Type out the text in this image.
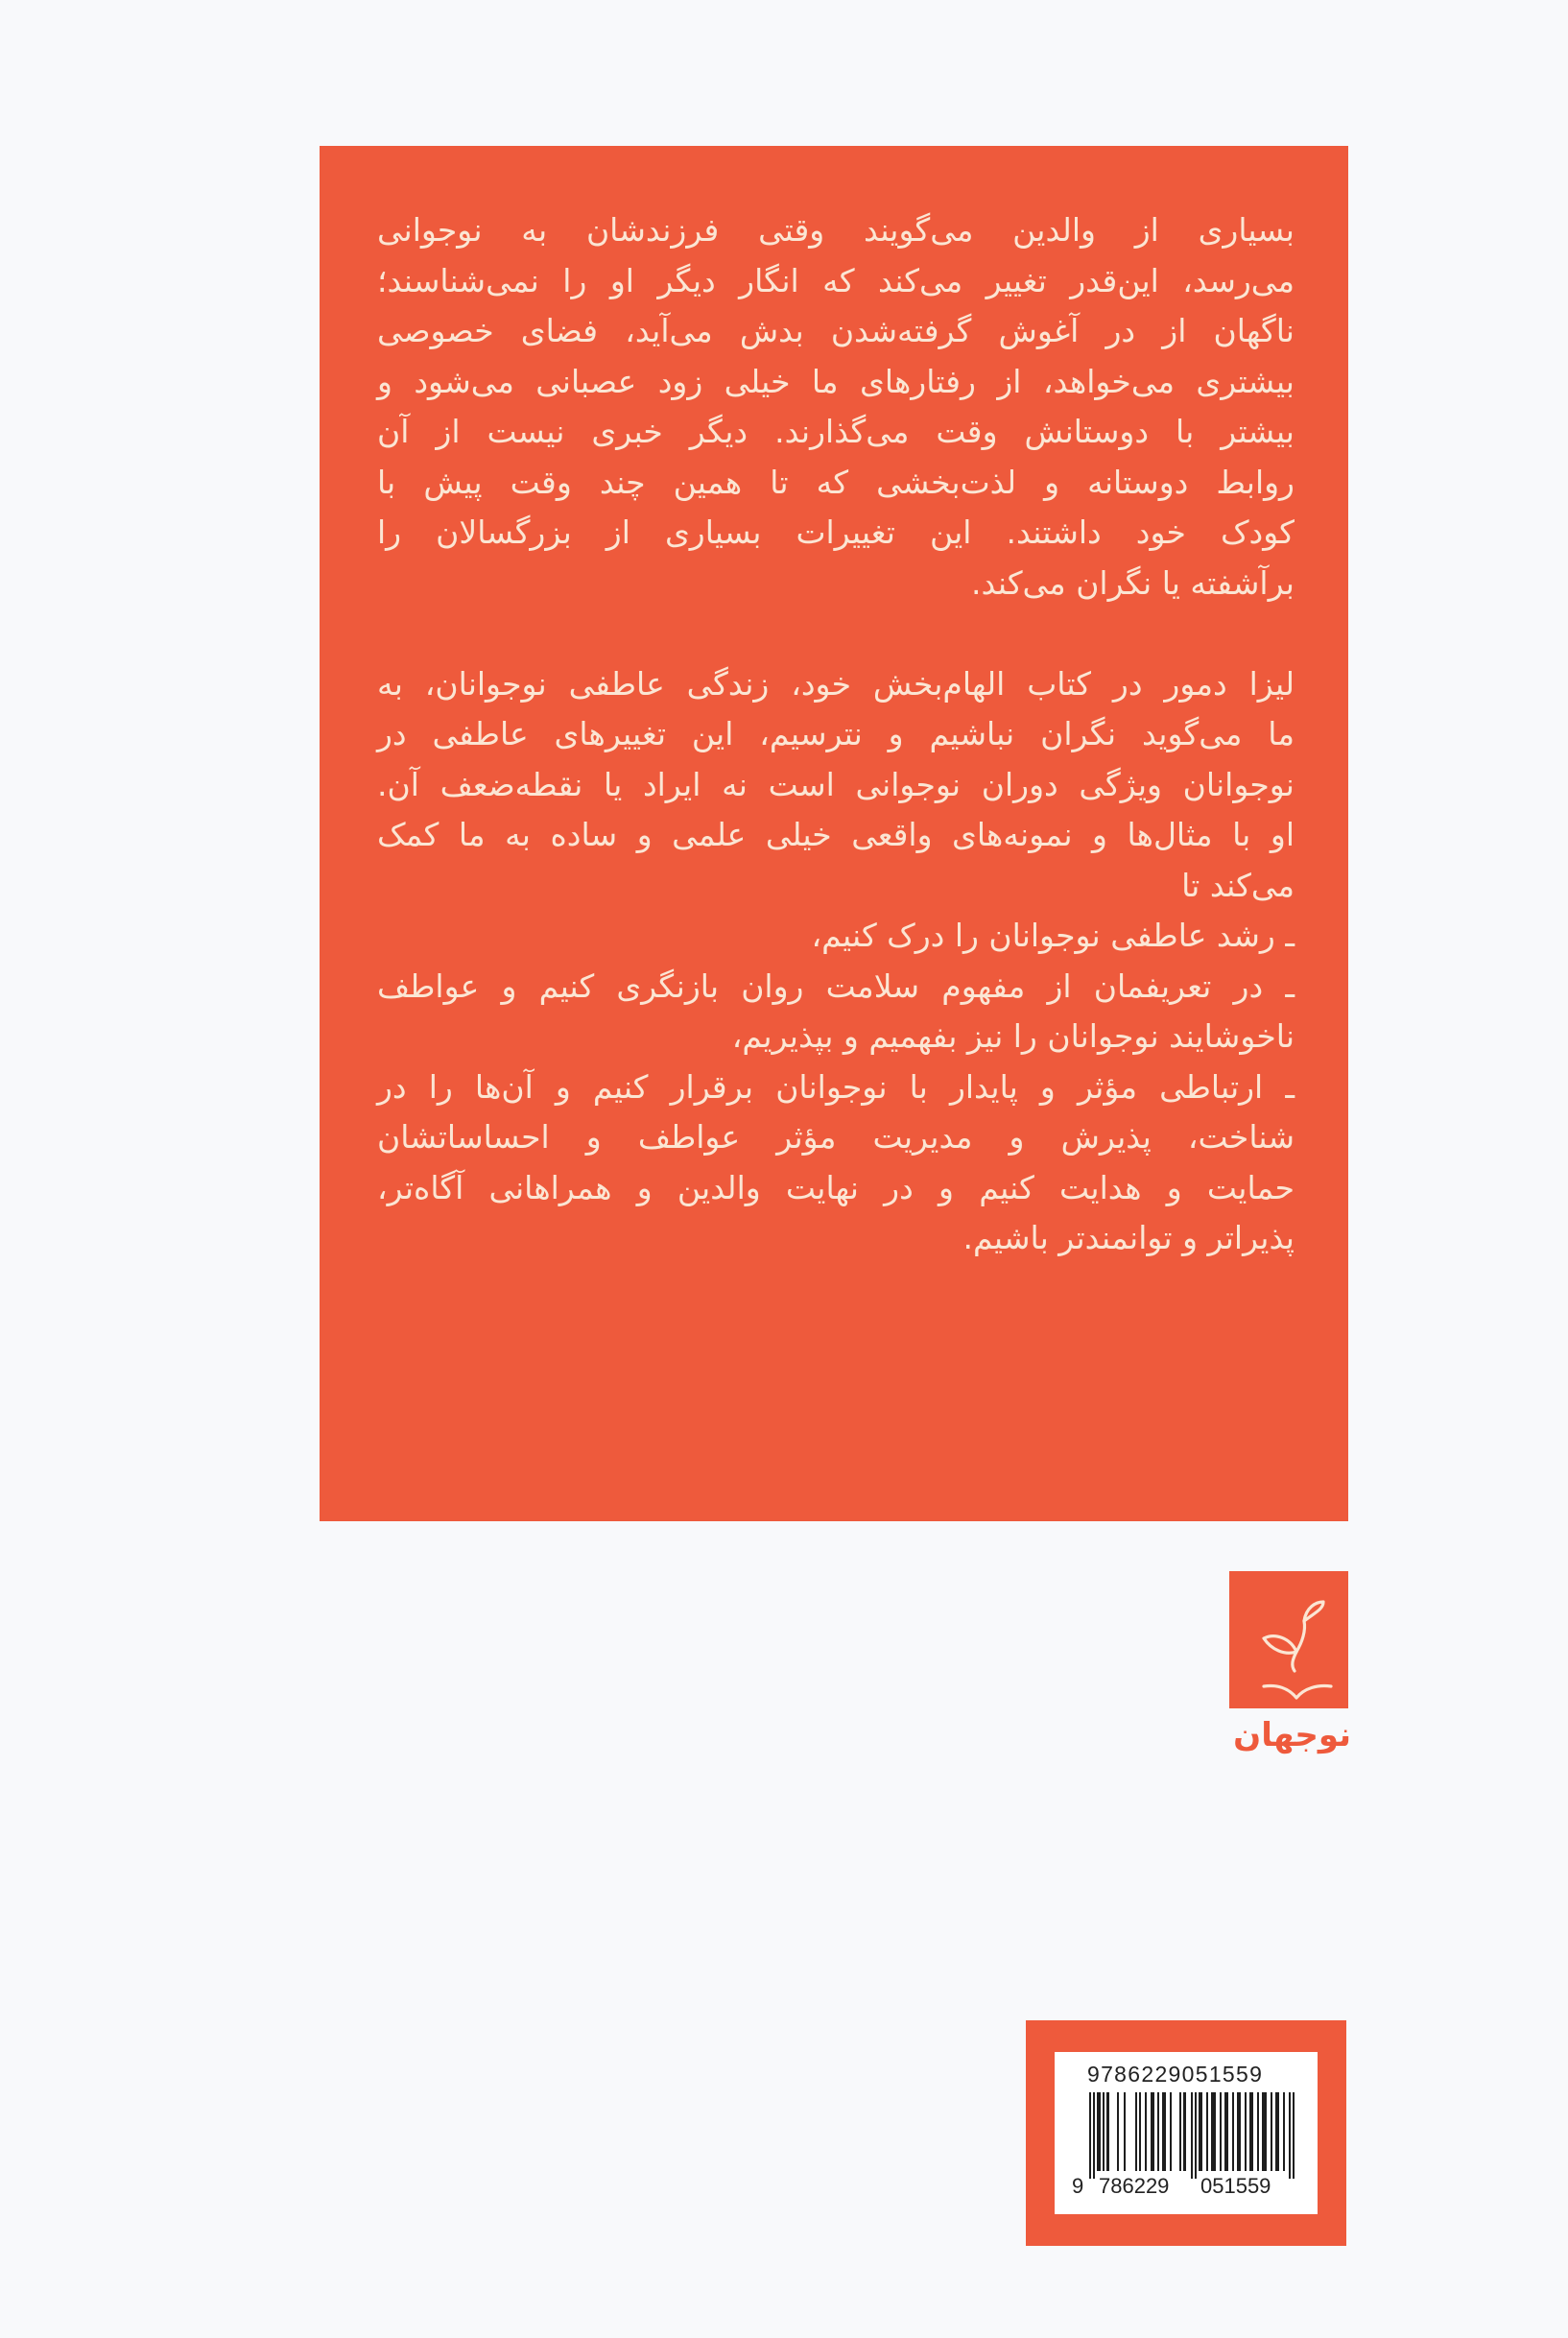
بسیاری از والدین می‌گویند وقتی فرزندشان به نوجوانی
می‌رسد، این‌قدر تغییر می‌کند که انگار دیگر او را نمی‌شناسند؛
ناگهان از در آغوش گرفته‌شدن بدش می‌آید، فضای خصوصی
بیشتری می‌خواهد، از رفتارهای ما خیلی زود عصبانی می‌شود و
بیشتر با دوستانش وقت می‌گذارند. دیگر خبری نیست از آن
روابط دوستانه و لذت‌بخشی که تا همین چند وقت پیش با
کودک خود داشتند. این تغییرات بسیاری از بزرگسالان را
برآشفته یا نگران می‌کند.

لیزا دمور در کتاب الهام‌بخش خود، زندگی عاطفی نوجوانان، به
ما می‌گوید نگران نباشیم و نترسیم، این تغییرهای عاطفی در
نوجوانان ویژگی دوران نوجوانی است نه ایراد یا نقطه‌ضعف آن.
او با مثال‌ها و نمونه‌های واقعی خیلی علمی و ساده به ما کمک
می‌کند تا
ـ رشد عاطفی نوجوانان را درک کنیم،
ـ در تعریفمان از مفهوم سلامت روان بازنگری کنیم و عواطف
ناخوشایند نوجوانان را نیز بفهمیم و بپذیریم،
ـ ارتباطی مؤثر و پایدار با نوجوانان برقرار کنیم و آن‌ها را در
شناخت، پذیرش و مدیریت مؤثر عواطف و احساساتشان
حمایت و هدایت کنیم و در نهایت والدین و همراهانی آگاه‌تر،
پذیراتر و توانمندتر باشیم.

نوجهان
9786229051559
9 786229 051559
